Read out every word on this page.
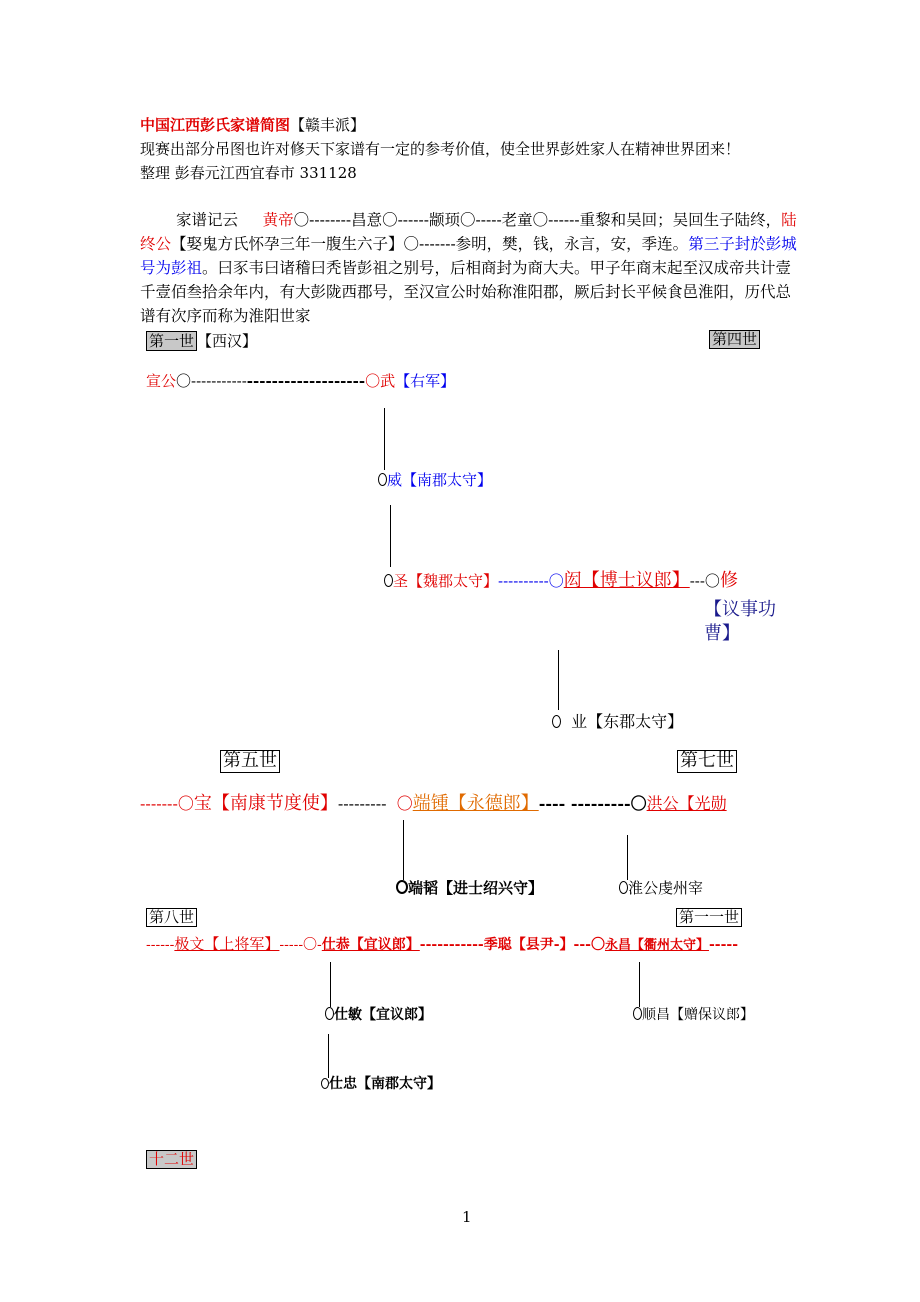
中国江西彭氏家谱简图【赣丰派】
现赛出部分吊图也许对修天下家谱有一定的参考价值，使全世界彭姓家人在精神世界团来！
整理 彭春元江西宜春市 331128
家谱记云 黄帝〇--------昌意〇------颛顼〇-----老童〇------重黎和吴回；吴回生子陆终，陆终公【娶鬼方氏怀孕三年一腹生六子】〇-------参明，樊，钱，永言，安，季连。第三子封於彭城号为彭祖。曰豕韦曰诸稽曰秃皆彭祖之别号，后相商封为商大夫。甲子年商末起至汉成帝共计壹千壹佰叁拾余年内，有大彭陇西郡号，至汉宣公时始称淮阳郡，厥后封长平候食邑淮阳，历代总谱有次序而称为淮阳世家
第一世 【西汉】	第四世
宣公〇------------------------------〇武【右军】
威【南郡太守】
圣【魏郡太守】----------〇闳【博士议郎】---〇修
【议事功
曹】
业【东郡太守】
第五世	第七世
-------〇宝【南康节度使】--------- 〇端锺【永德郎】---- ---------〇洪公【光勋
端韬【进士绍兴守】	淮公虔州宰
第八世	第一一世
------极文【上将军】-----〇-仕恭【宜议郎】-----------季聪【县尹-】---〇永昌【衢州太守】-----
仕敏【宜议郎】	顺昌【赠保议郎】
仕忠【南郡太守】
十二世
1
